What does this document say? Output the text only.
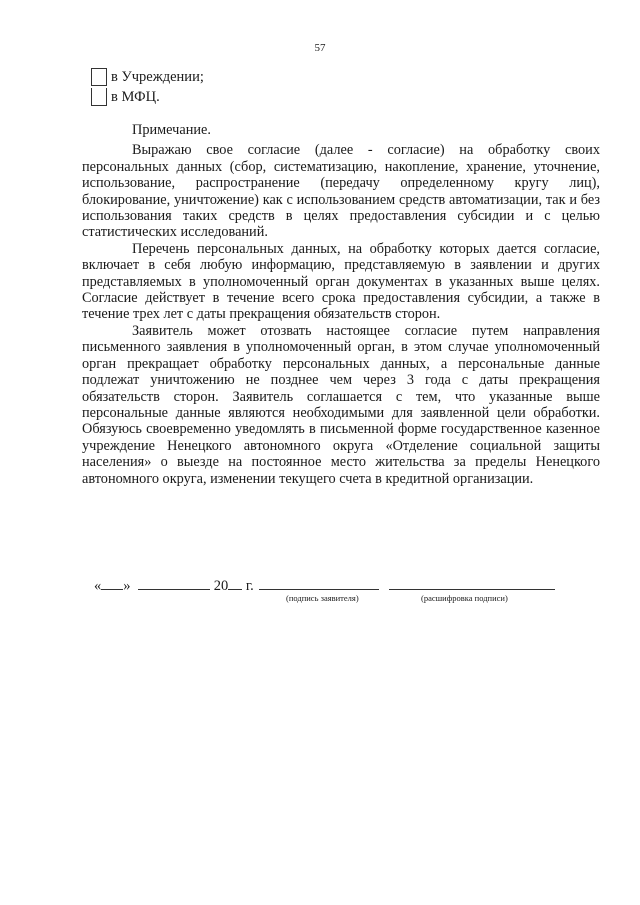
57
в Учреждении;
в МФЦ.

Примечание.

Выражаю свое согласие (далее - согласие) на обработку своих персональных данных (сбор, систематизацию, накопление, хранение, уточнение, использование, распространение (передачу определенному кругу лиц), блокирование, уничтожение) как с использованием средств автоматизации, так и без использования таких средств в целях предоставления субсидии и с целью статистических исследований.

Перечень персональных данных, на обработку которых дается согласие, включает в себя любую информацию, представляемую в заявлении и других представляемых в уполномоченный орган документах в указанных выше целях. Согласие действует в течение всего срока предоставления субсидии, а также в течение трех лет с даты прекращения обязательств сторон.

Заявитель может отозвать настоящее согласие путем направления письменного заявления в уполномоченный орган, в этом случае уполномоченный орган прекращает обработку персональных данных, а персональные данные подлежат уничтожению не позднее чем через 3 года с даты прекращения обязательств сторон. Заявитель соглашается с тем, что указанные выше персональные данные являются необходимыми для заявленной цели обработки. Обязуюсь своевременно уведомлять в письменной форме государственное казенное учреждение Ненецкого автономного округа «Отделение социальной защиты населения» о выезде на постоянное место жительства за пределы Ненецкого автономного округа, изменении текущего счета в кредитной организации.

« »	20 г.
(подпись заявителя)	(расшифровка подписи)
